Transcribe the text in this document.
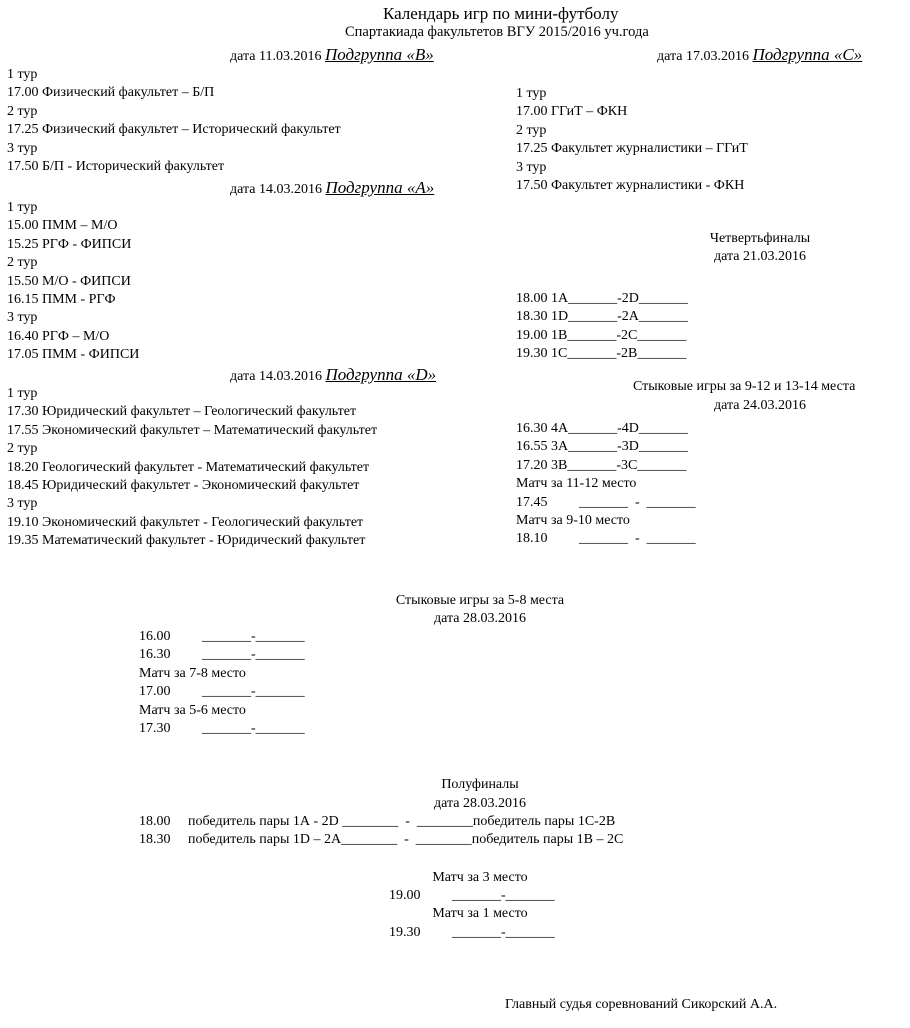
Календарь игр по мини-футболу
Спартакиада факультетов ВГУ 2015/2016 уч.года
дата 11.03.2016 Подгруппа «В»	дата 17.03.2016 Подгруппа «С»
1 тур
17.00 Физический факультет – Б/П
2 тур
17.25 Физический факультет – Исторический факультет
3 тур
17.50 Б/П - Исторический факультет
дата 14.03.2016 Подгруппа «А»
1 тур
15.00 ПММ – М/О
15.25 РГФ - ФИПСИ
2 тур
15.50 М/О - ФИПСИ
16.15 ПММ - РГФ
3 тур
16.40 РГФ – М/О
17.05 ПММ - ФИПСИ
дата 14.03.2016 Подгруппа «D»
1 тур
17.30 Юридический факультет – Геологический факультет
17.55 Экономический факультет – Математический факультет
2 тур
18.20 Геологический факультет - Математический факультет
18.45 Юридический факультет - Экономический факультет
3 тур
19.10 Экономический факультет - Геологический факультет
19.35 Математический факультет - Юридический факультет
1 тур
17.00 ГГиТ – ФКН
2 тур
17.25 Факультет журналистики – ГГиТ
3 тур
17.50 Факультет журналистики - ФКН
Четвертьфиналы
дата 21.03.2016
18.00 1А_______-2D_______
18.30 1D_______-2А_______
19.00 1В_______-2С_______
19.30 1С_______-2В_______
Стыковые игры за 9-12 и 13-14 места
дата 24.03.2016
16.30 4А_______-4D_______
16.55 3А_______-3D_______
17.20 3В_______-3С_______
Матч за 11-12 место
17.45         _______  -  _______
Матч за 9-10 место
18.10         _______  -  _______
Стыковые игры за 5-8 места
дата 28.03.2016
16.00         _______-_______
16.30         _______-_______
Матч за 7-8 место
17.00         _______-_______
Матч за 5-6 место
17.30         _______-_______
Полуфиналы
дата 28.03.2016
18.00     победитель пары 1А - 2D ________  -  ________победитель пары 1С-2В
18.30     победитель пары 1D – 2А________  -  ________победитель пары 1В – 2С
Матч за 3 место
19.00         _______-_______
Матч за 1 место
19.30         _______-_______
Главный судья соревнований Сикорский А.А.
